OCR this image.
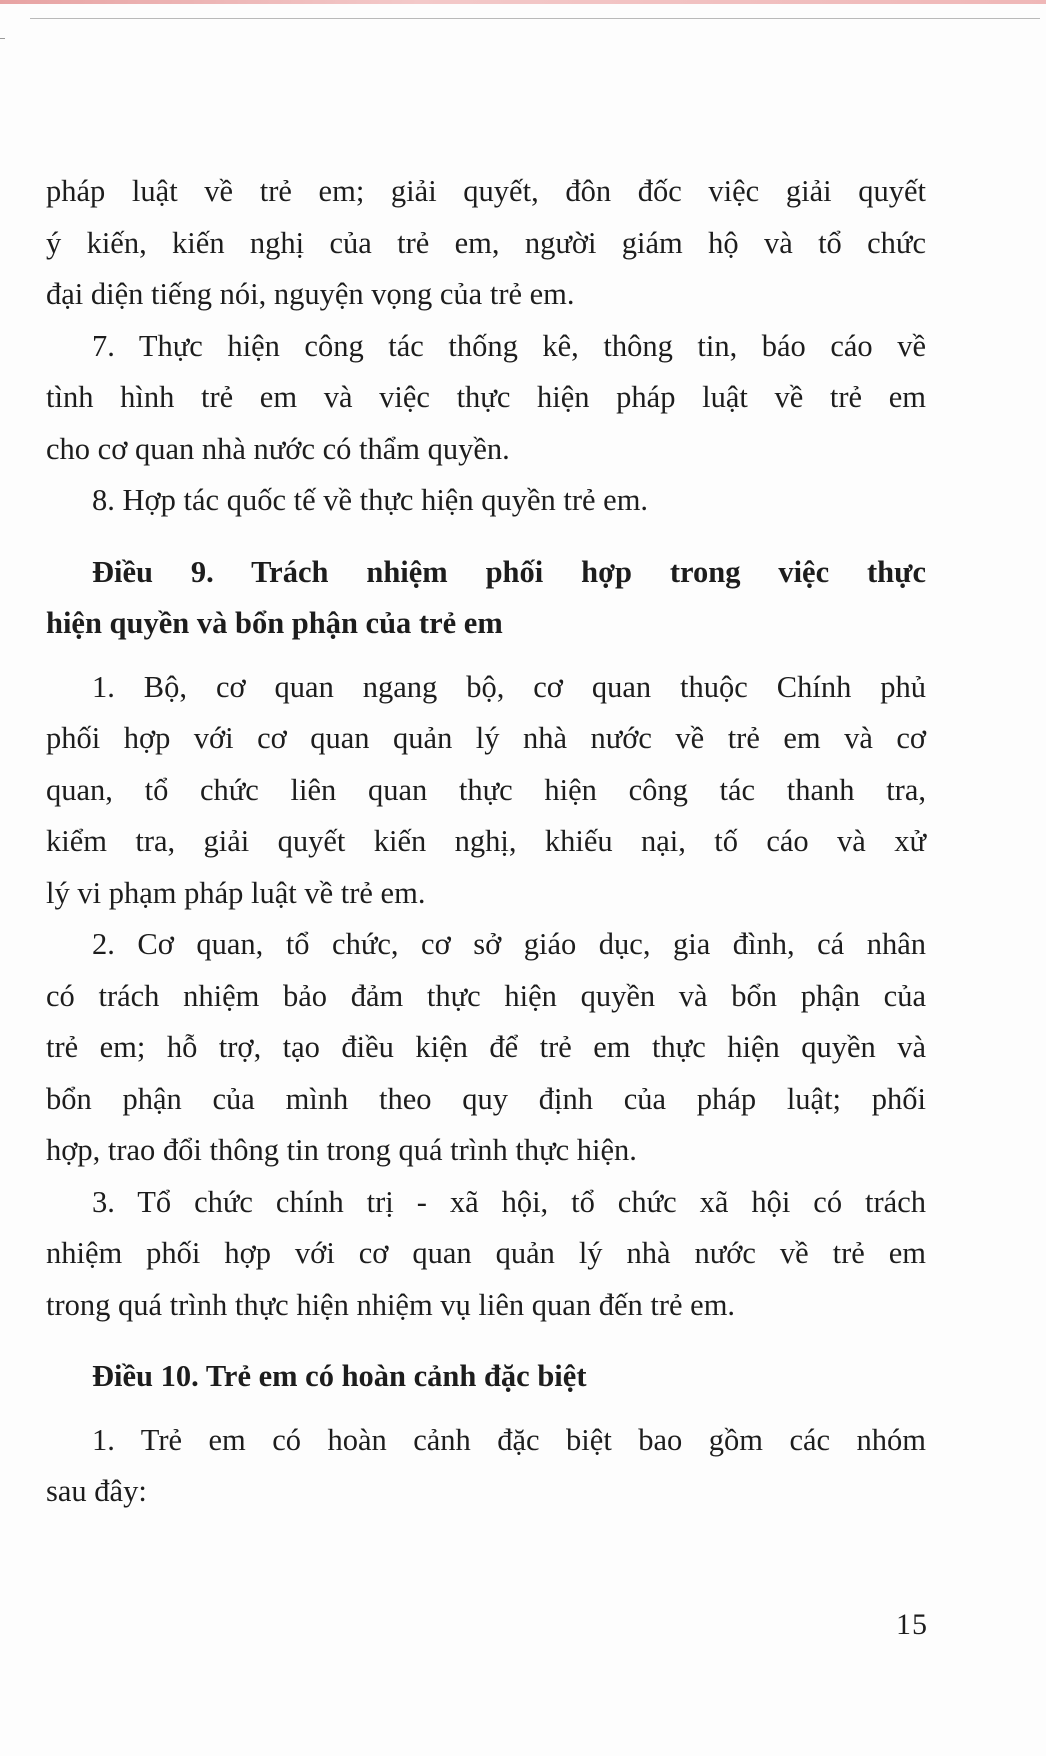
pháp luật về trẻ em; giải quyết, đôn đốc việc giải quyết
ý kiến, kiến nghị của trẻ em, người giám hộ và tổ chức
đại diện tiếng nói, nguyện vọng của trẻ em.
7. Thực hiện công tác thống kê, thông tin, báo cáo về
tình hình trẻ em và việc thực hiện pháp luật về trẻ em
cho cơ quan nhà nước có thẩm quyền.
8. Hợp tác quốc tế về thực hiện quyền trẻ em.
Điều 9. Trách nhiệm phối hợp trong việc thực
hiện quyền và bổn phận của trẻ em
1. Bộ, cơ quan ngang bộ, cơ quan thuộc Chính phủ
phối hợp với cơ quan quản lý nhà nước về trẻ em và cơ
quan, tổ chức liên quan thực hiện công tác thanh tra,
kiểm tra, giải quyết kiến nghị, khiếu nại, tố cáo và xử
lý vi phạm pháp luật về trẻ em.
2. Cơ quan, tổ chức, cơ sở giáo dục, gia đình, cá nhân
có trách nhiệm bảo đảm thực hiện quyền và bổn phận của
trẻ em; hỗ trợ, tạo điều kiện để trẻ em thực hiện quyền và
bổn phận của mình theo quy định của pháp luật; phối
hợp, trao đổi thông tin trong quá trình thực hiện.
3. Tổ chức chính trị - xã hội, tổ chức xã hội có trách
nhiệm phối hợp với cơ quan quản lý nhà nước về trẻ em
trong quá trình thực hiện nhiệm vụ liên quan đến trẻ em.
Điều 10. Trẻ em có hoàn cảnh đặc biệt
1. Trẻ em có hoàn cảnh đặc biệt bao gồm các nhóm
sau đây:
15
